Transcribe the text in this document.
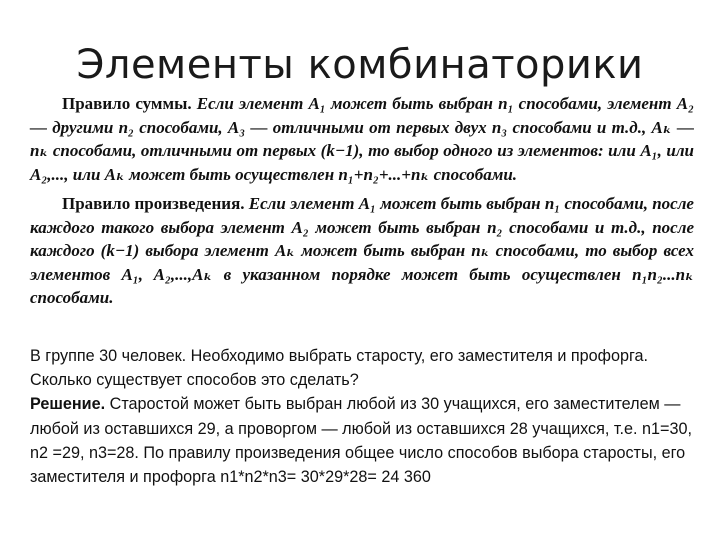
Элементы комбинаторики

Правило суммы. Если элемент A₁ может быть выбран n₁ способами, элемент A₂ — другими n₂ способами, A₃ — отличными от первых двух n₃ способами и т.д., Aₖ — nₖ способами, отличными от первых (k−1), то выбор одного из элементов: или A₁, или A₂,..., или Aₖ может быть осуществлен n₁+n₂+...+nₖ способами.

Правило произведения. Если элемент A₁ может быть выбран n₁ способами, после каждого такого выбора элемент A₂ может быть выбран n₂ способами и т.д., после каждого (k−1) выбора элемент Aₖ может быть выбран nₖ способами, то выбор всех элементов A₁, A₂,...,Aₖ в указанном порядке может быть осуществлен n₁n₂...nₖ способами.

В группе 30 человек. Необходимо выбрать старосту, его заместителя и профорга. Сколько существует способов это сделать?

Решение. Старостой может быть выбран любой из 30 учащихся, его заместителем — любой из оставшихся 29, а проворгом — любой из оставшихся 28 учащихся, т.е. n1=30, n2 =29, n3=28. По правилу произведения общее число способов выбора старосты, его заместителя и профорга n1*n2*n3= 30*29*28= 24 360
